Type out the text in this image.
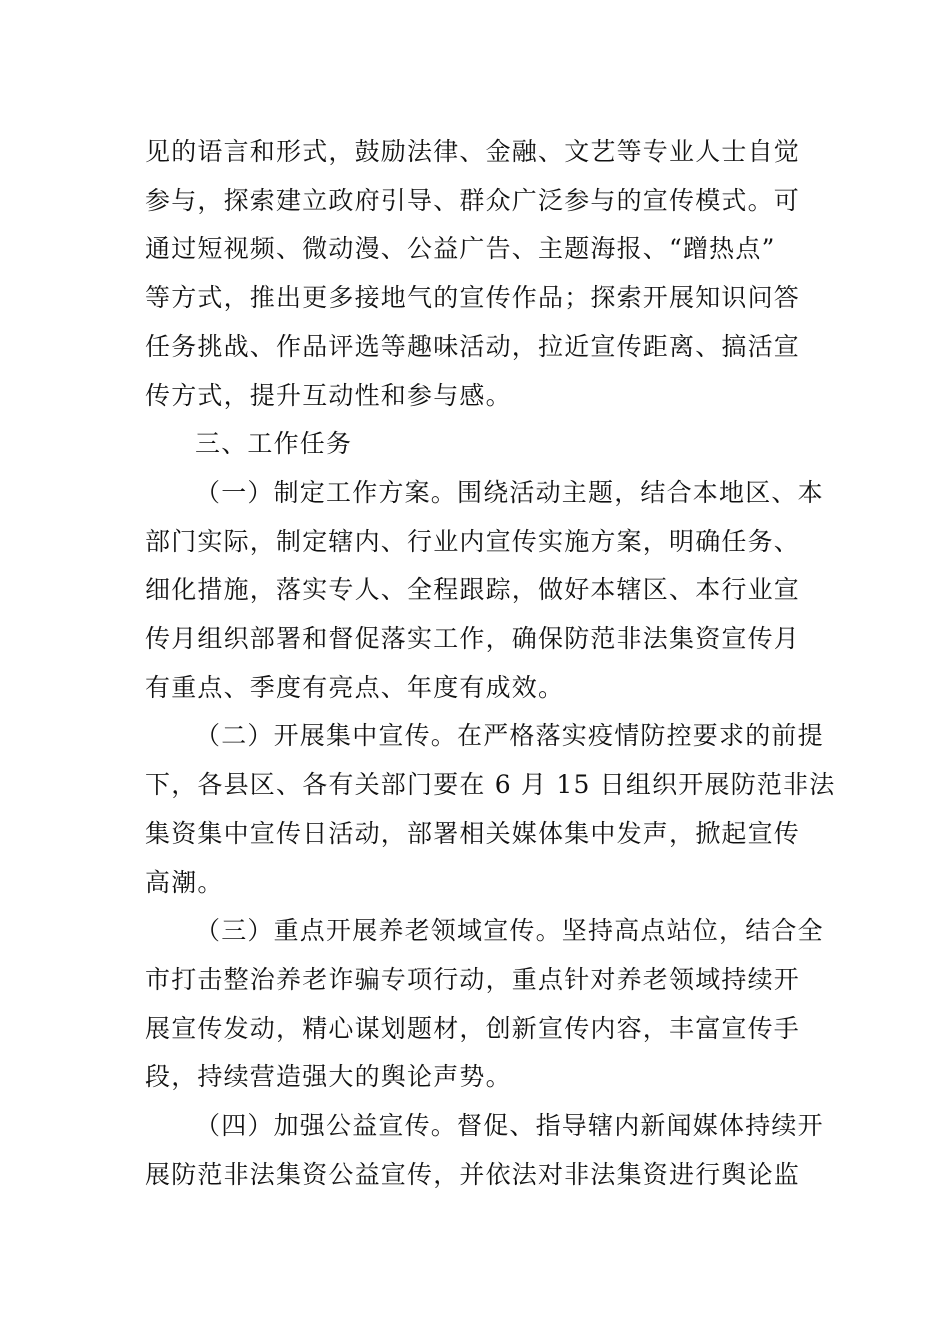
见的语言和形式，鼓励法律、金融、文艺等专业人士自觉
参与，探索建立政府引导、群众广泛参与的宣传模式。可
通过短视频、微动漫、公益广告、主题海报、“蹭热点”
等方式，推出更多接地气的宣传作品；探索开展知识问答
任务挑战、作品评选等趣味活动，拉近宣传距离、搞活宣
传方式，提升互动性和参与感。

三、工作任务

（一）制定工作方案。围绕活动主题，结合本地区、本
部门实际，制定辖内、行业内宣传实施方案，明确任务、
细化措施，落实专人、全程跟踪，做好本辖区、本行业宣
传月组织部署和督促落实工作，确保防范非法集资宣传月
有重点、季度有亮点、年度有成效。

（二）开展集中宣传。在严格落实疫情防控要求的前提
下，各县区、各有关部门要在 6 月 15 日组织开展防范非法
集资集中宣传日活动，部署相关媒体集中发声，掀起宣传
高潮。

（三）重点开展养老领域宣传。坚持高点站位，结合全
市打击整治养老诈骗专项行动，重点针对养老领域持续开
展宣传发动，精心谋划题材，创新宣传内容，丰富宣传手
段，持续营造强大的舆论声势。

（四）加强公益宣传。督促、指导辖内新闻媒体持续开
展防范非法集资公益宣传，并依法对非法集资进行舆论监
